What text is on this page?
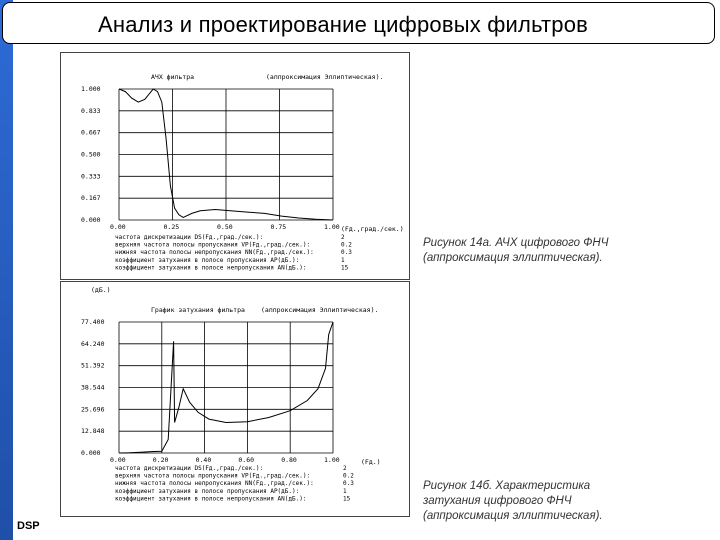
Анализ и проектирование цифровых фильтров
АЧХ фильтра	(аппроксимация Эллиптическая).
1.000
0.833
0.667
0.500
0.333
0.167
0.000
0.00	0.25	0.50	0.75	1.00 (Fд.,град./сек.)
частота дискретизации DS(Fд.,град./сек.):	2
верхняя частота полосы пропускания VP(Fд.,град./сек.):	0.2
нижняя частота полосы непропускания NN(Fд.,град./сек.):	0.3
коэффициент затухания в полосе пропускания AP(дБ.):	1
коэффициент затухания в полосе непропускания AN(дБ.):	15
(дБ.)
График затухания фильтра (аппроксимация Эллиптическая).
77.400
64.240
51.392
38.544
25.696
12.848
0.000
0.00	0.20	0.40	0.60	0.80	1.00	(Fд.)
частота дискретизации DS(Fд.,град./сек.):	2
верхняя частота полосы пропускания VP(Fд.,град./сек.):	0.2
нижняя частота полосы непропускания NN(Fд.,град./сек.):	0.3
коэффициент затухания в полосе пропускания AP(дБ.):	1
коэффициент затухания в полосе непропускания AN(дБ.):	15
Рисунок 14а. АЧХ цифрового ФНЧ
(аппроксимация эллиптическая).
Рисунок 14б. Характеристика
затухания цифрового ФНЧ
(аппроксимация эллиптическая).
DSP
